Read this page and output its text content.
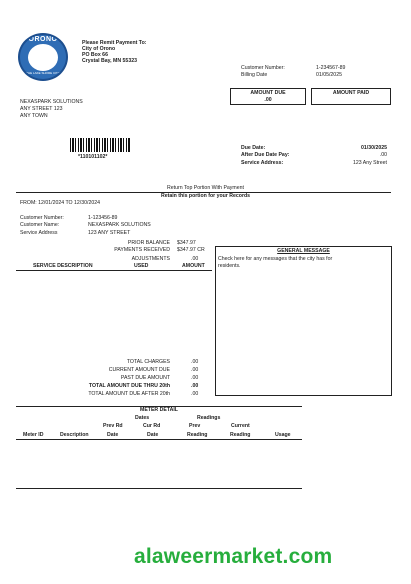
ORONO
THE LAKE SHORE CITY
Please Remit Payment To:
City of Orono
PO Box 66
Crystal Bay, MN 55323
Customer Number:	1-234567-89
Billing Date	01/05/2025
AMOUNT DUE
.00
AMOUNT PAID
NEXASPARK SOLUTIONS
ANY STREET 123
ANY TOWN
*110101102*
Due Date:	01/30/2025
After Due Date Pay:	.00
Service Address:	123 Any Street
Return Top Portion With Payment
Retain this portion for your Records
FROM: 12/01/2024 TO 12/30/2024
Customer Number:	1-123456-89
Customer Name:	NEXASPARK SOLUTIONS
Service Address	123 ANY STREET
PRIOR BALANCE $347.97
PAYMENTS RECEIVED $347.97 CR
ADJUSTMENTS	.00
SERVICE DESCRIPTION	USED	AMOUNT
GENERAL MESSAGE
Check here for any messages that the city has for
residents.
TOTAL CHARGES	.00
CURRENT AMOUNT DUE	.00
PAST DUE AMOUNT	.00
TOTAL AMOUNT DUE THRU 20th	.00
TOTAL AMOUNT DUE AFTER 20th	.00
METER DETAIL
Dates	Readings
Prev Rd	Cur Rd	Prev	Current
Meter ID	Description	Date	Date	Reading	Reading	Usage
alaweermarket.com
